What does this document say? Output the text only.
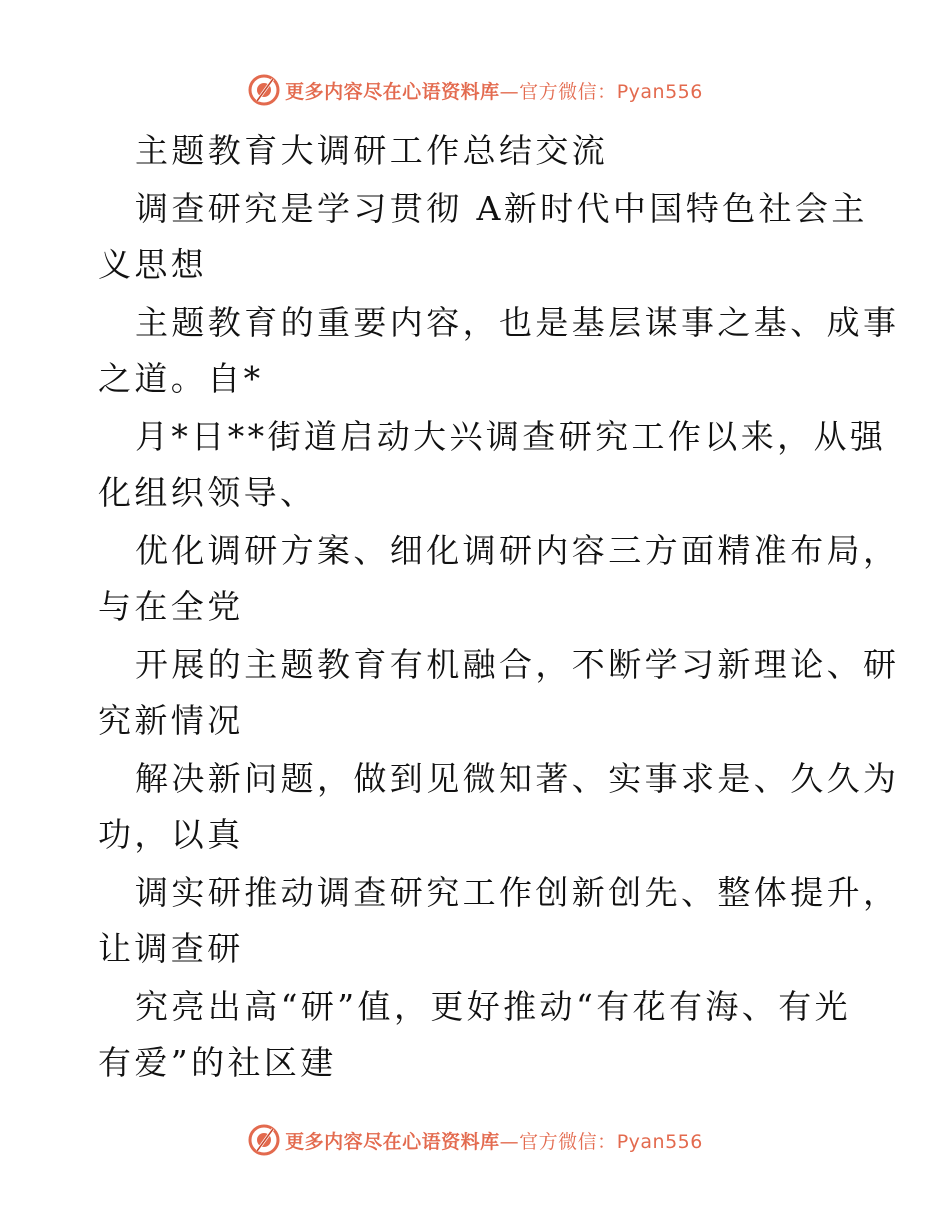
更多内容尽在心语资料库—官方微信：Pyan556

主题教育大调研工作总结交流

调查研究是学习贯彻 A新时代中国特色社会主
义思想

主题教育的重要内容，也是基层谋事之基、成事
之道。自*

月*日**街道启动大兴调查研究工作以来，从强
化组织领导、

优化调研方案、细化调研内容三方面精准布局，
与在全党

开展的主题教育有机融合，不断学习新理论、研
究新情况

解决新问题，做到见微知著、实事求是、久久为
功，以真

调实研推动调查研究工作创新创先、整体提升，
让调查研

究亮出高“研”值，更好推动“有花有海、有光
有爱”的社区建

更多内容尽在心语资料库—官方微信：Pyan556
